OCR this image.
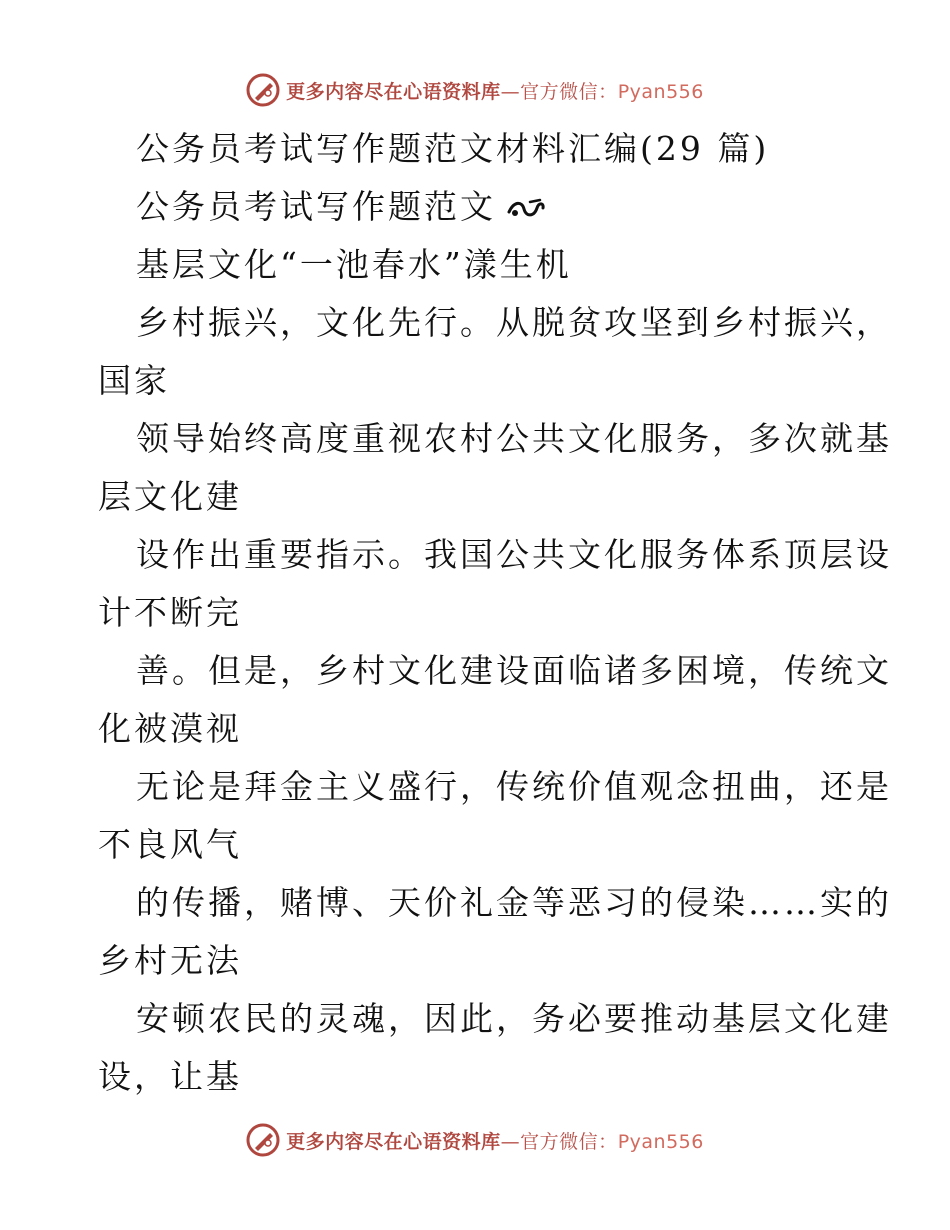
更多内容尽在心语资料库—官方微信：Pyan556
公务员考试写作题范文材料汇编(29 篇)
公务员考试写作题范文
基层文化“一池春水”漾生机
乡村振兴，文化先行。从脱贫攻坚到乡村振兴，
国家
领导始终高度重视农村公共文化服务，多次就基
层文化建
设作出重要指示。我国公共文化服务体系顶层设
计不断完
善。但是，乡村文化建设面临诸多困境，传统文
化被漠视
无论是拜金主义盛行，传统价值观念扭曲，还是
不良风气
的传播，赌博、天价礼金等恶习的侵染……实的
乡村无法
安顿农民的灵魂，因此，务必要推动基层文化建
设，让基
更多内容尽在心语资料库—官方微信：Pyan556
